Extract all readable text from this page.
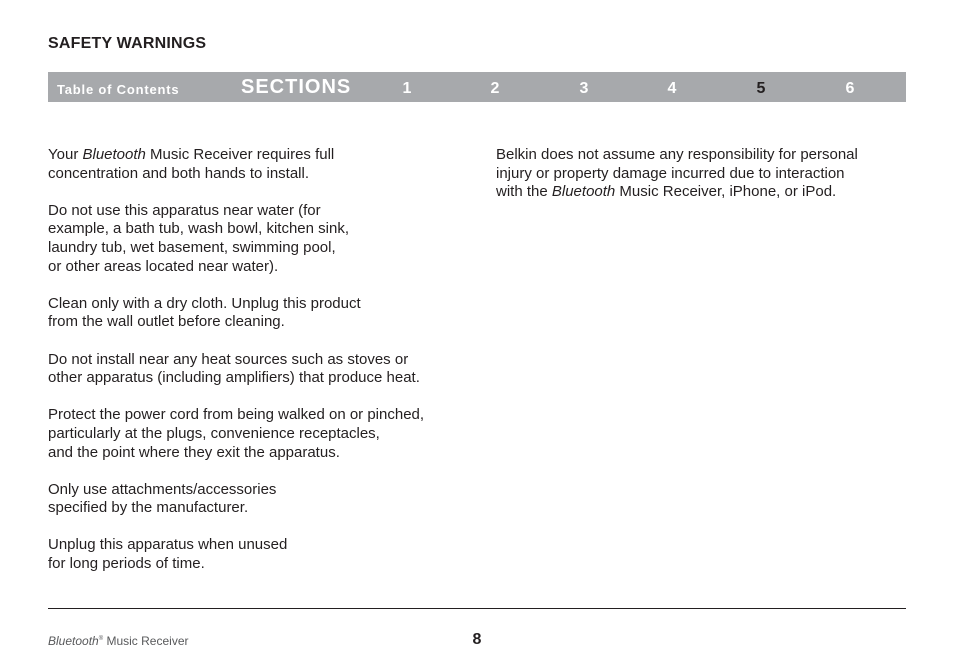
SAFETY WARNINGS
Table of Contents	SECTIONS	1	2	3	4	5	6

Your Bluetooth Music Receiver requires full
concentration and both hands to install.

Do not use this apparatus near water (for
example, a bath tub, wash bowl, kitchen sink,
laundry tub, wet basement, swimming pool,
or other areas located near water).

Clean only with a dry cloth. Unplug this product
from the wall outlet before cleaning.

Do not install near any heat sources such as stoves or
other apparatus (including amplifiers) that produce heat.

Protect the power cord from being walked on or pinched,
particularly at the plugs, convenience receptacles,
and the point where they exit the apparatus.

Only use attachments/accessories
specified by the manufacturer.

Unplug this apparatus when unused
for long periods of time.

Belkin does not assume any responsibility for personal
injury or property damage incurred due to interaction
with the Bluetooth Music Receiver, iPhone, or iPod.

Bluetooth® Music Receiver	8
